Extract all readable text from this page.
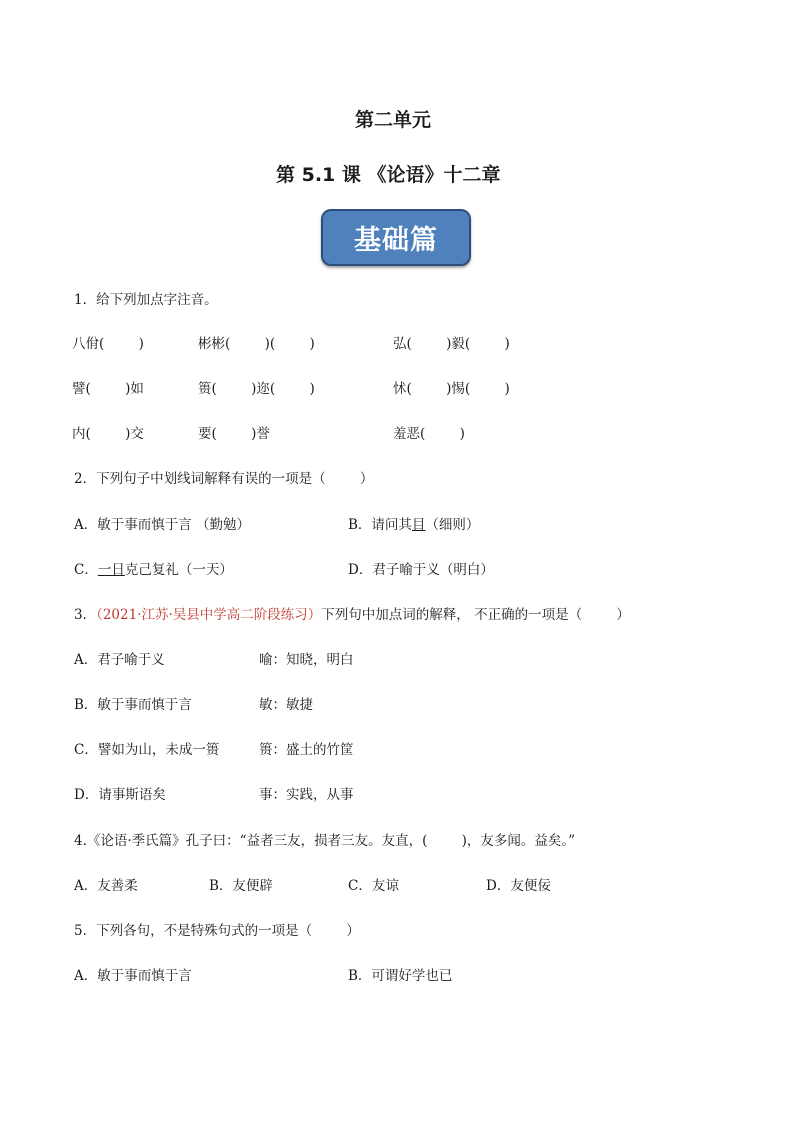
第二单元
第 5.1 课 《论语》十二章
基础篇
1．给下列加点字注音。
八佾(        )	彬彬(        )(        )	弘(        )毅(        )
譬(        )如	篑(        )迩(        )	怵(        )惕(        )
内(        )交	要(        )誉	羞恶(        )
2．下列句子中划线词解释有误的一项是（        ）
A．敏于事而慎于言 （勤勉）	B．请问其目（细则）
C．一日克己复礼（一天）	D．君子喻于义（明白）
3．（2021·江苏·吴县中学高二阶段练习）下列句中加点词的解释， 不正确的一项是（        ）
A．君子喻于义	喻：知晓，明白
B．敏于事而慎于言	敏：敏捷
C．譬如为山，未成一篑	篑：盛土的竹筐
D．请事斯语矣	事：实践，从事
4.《论语·季氏篇》孔子曰：“益者三友，损者三友。友直，(        )，友多闻。益矣。”
A．友善柔	B．友便辟	C．友谅	D．友便佞
5．下列各句，不是特殊句式的一项是（        ）
A．敏于事而慎于言	B．可谓好学也已
